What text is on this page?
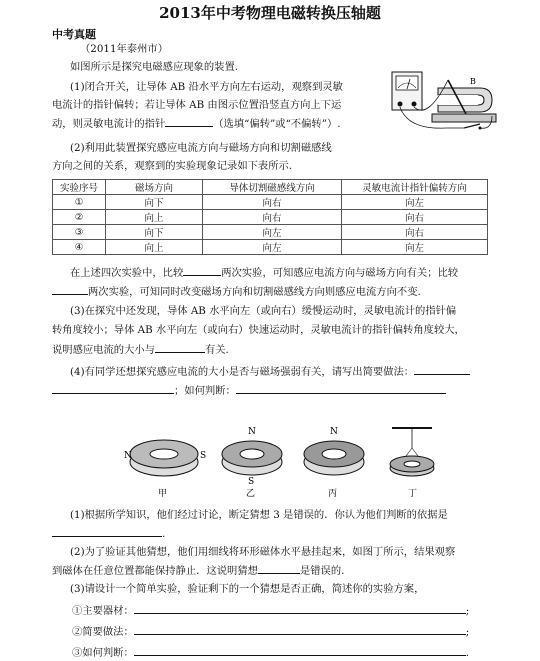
2013年中考物理电磁转换压轴题
中考真题
（2011年泰州市）
如图所示是探究电磁感应现象的装置.
(1)闭合开关，让导体 AB 沿水平方向左右运动，观察到灵敏
电流计的指针偏转；若让导体 AB 由图示位置沿竖直方向上下运
动，则灵敏电流计的指针	（选填“偏转”或“不偏转”）.
B
(2)利用此装置探究感应电流方向与磁场方向和切割磁感线
方向之间的关系，观察到的实验现象记录如下表所示.
实验序号	磁场方向	导体切割磁感线方向	灵敏电流计指针偏转方向
①	向下	向右	向左
②	向上	向右	向右
③	向下	向左	向右
④	向上	向左	向左
在上述四次实验中，比较	两次实验，可知感应电流方向与磁场方向有关；比较
两次实验，可知同时改变磁场方向和切割磁感线方向则感应电流方向不变.
(3)在探究中还发现，导体 AB 水平向左（或向右）缓慢运动时，灵敏电流计的指针偏
转角度较小；导体 AB 水平向左（或向右）快速运动时，灵敏电流计的指针偏转角度较大，
说明感应电流的大小与	有关.
(4)有同学还想探究感应电流的大小是否与磁场强弱有关，请写出简要做法：
；如何判断：
N	S
甲
N
S
乙
N
丙	丁
(1)根据所学知识，他们经过讨论，断定猜想 3 是错误的．你认为他们判断的依据是
.
(2)为了验证其他猜想，他们用细线将环形磁体水平悬挂起来，如图丁所示，结果观察
到磁体在任意位置都能保持静止．这说明猜想	是错误的.
(3)请设计一个简单实验，验证剩下的一个猜想是否正确，简述你的实验方案，
①主要器材：	;
②简要做法：	;
③如何判断：	.
